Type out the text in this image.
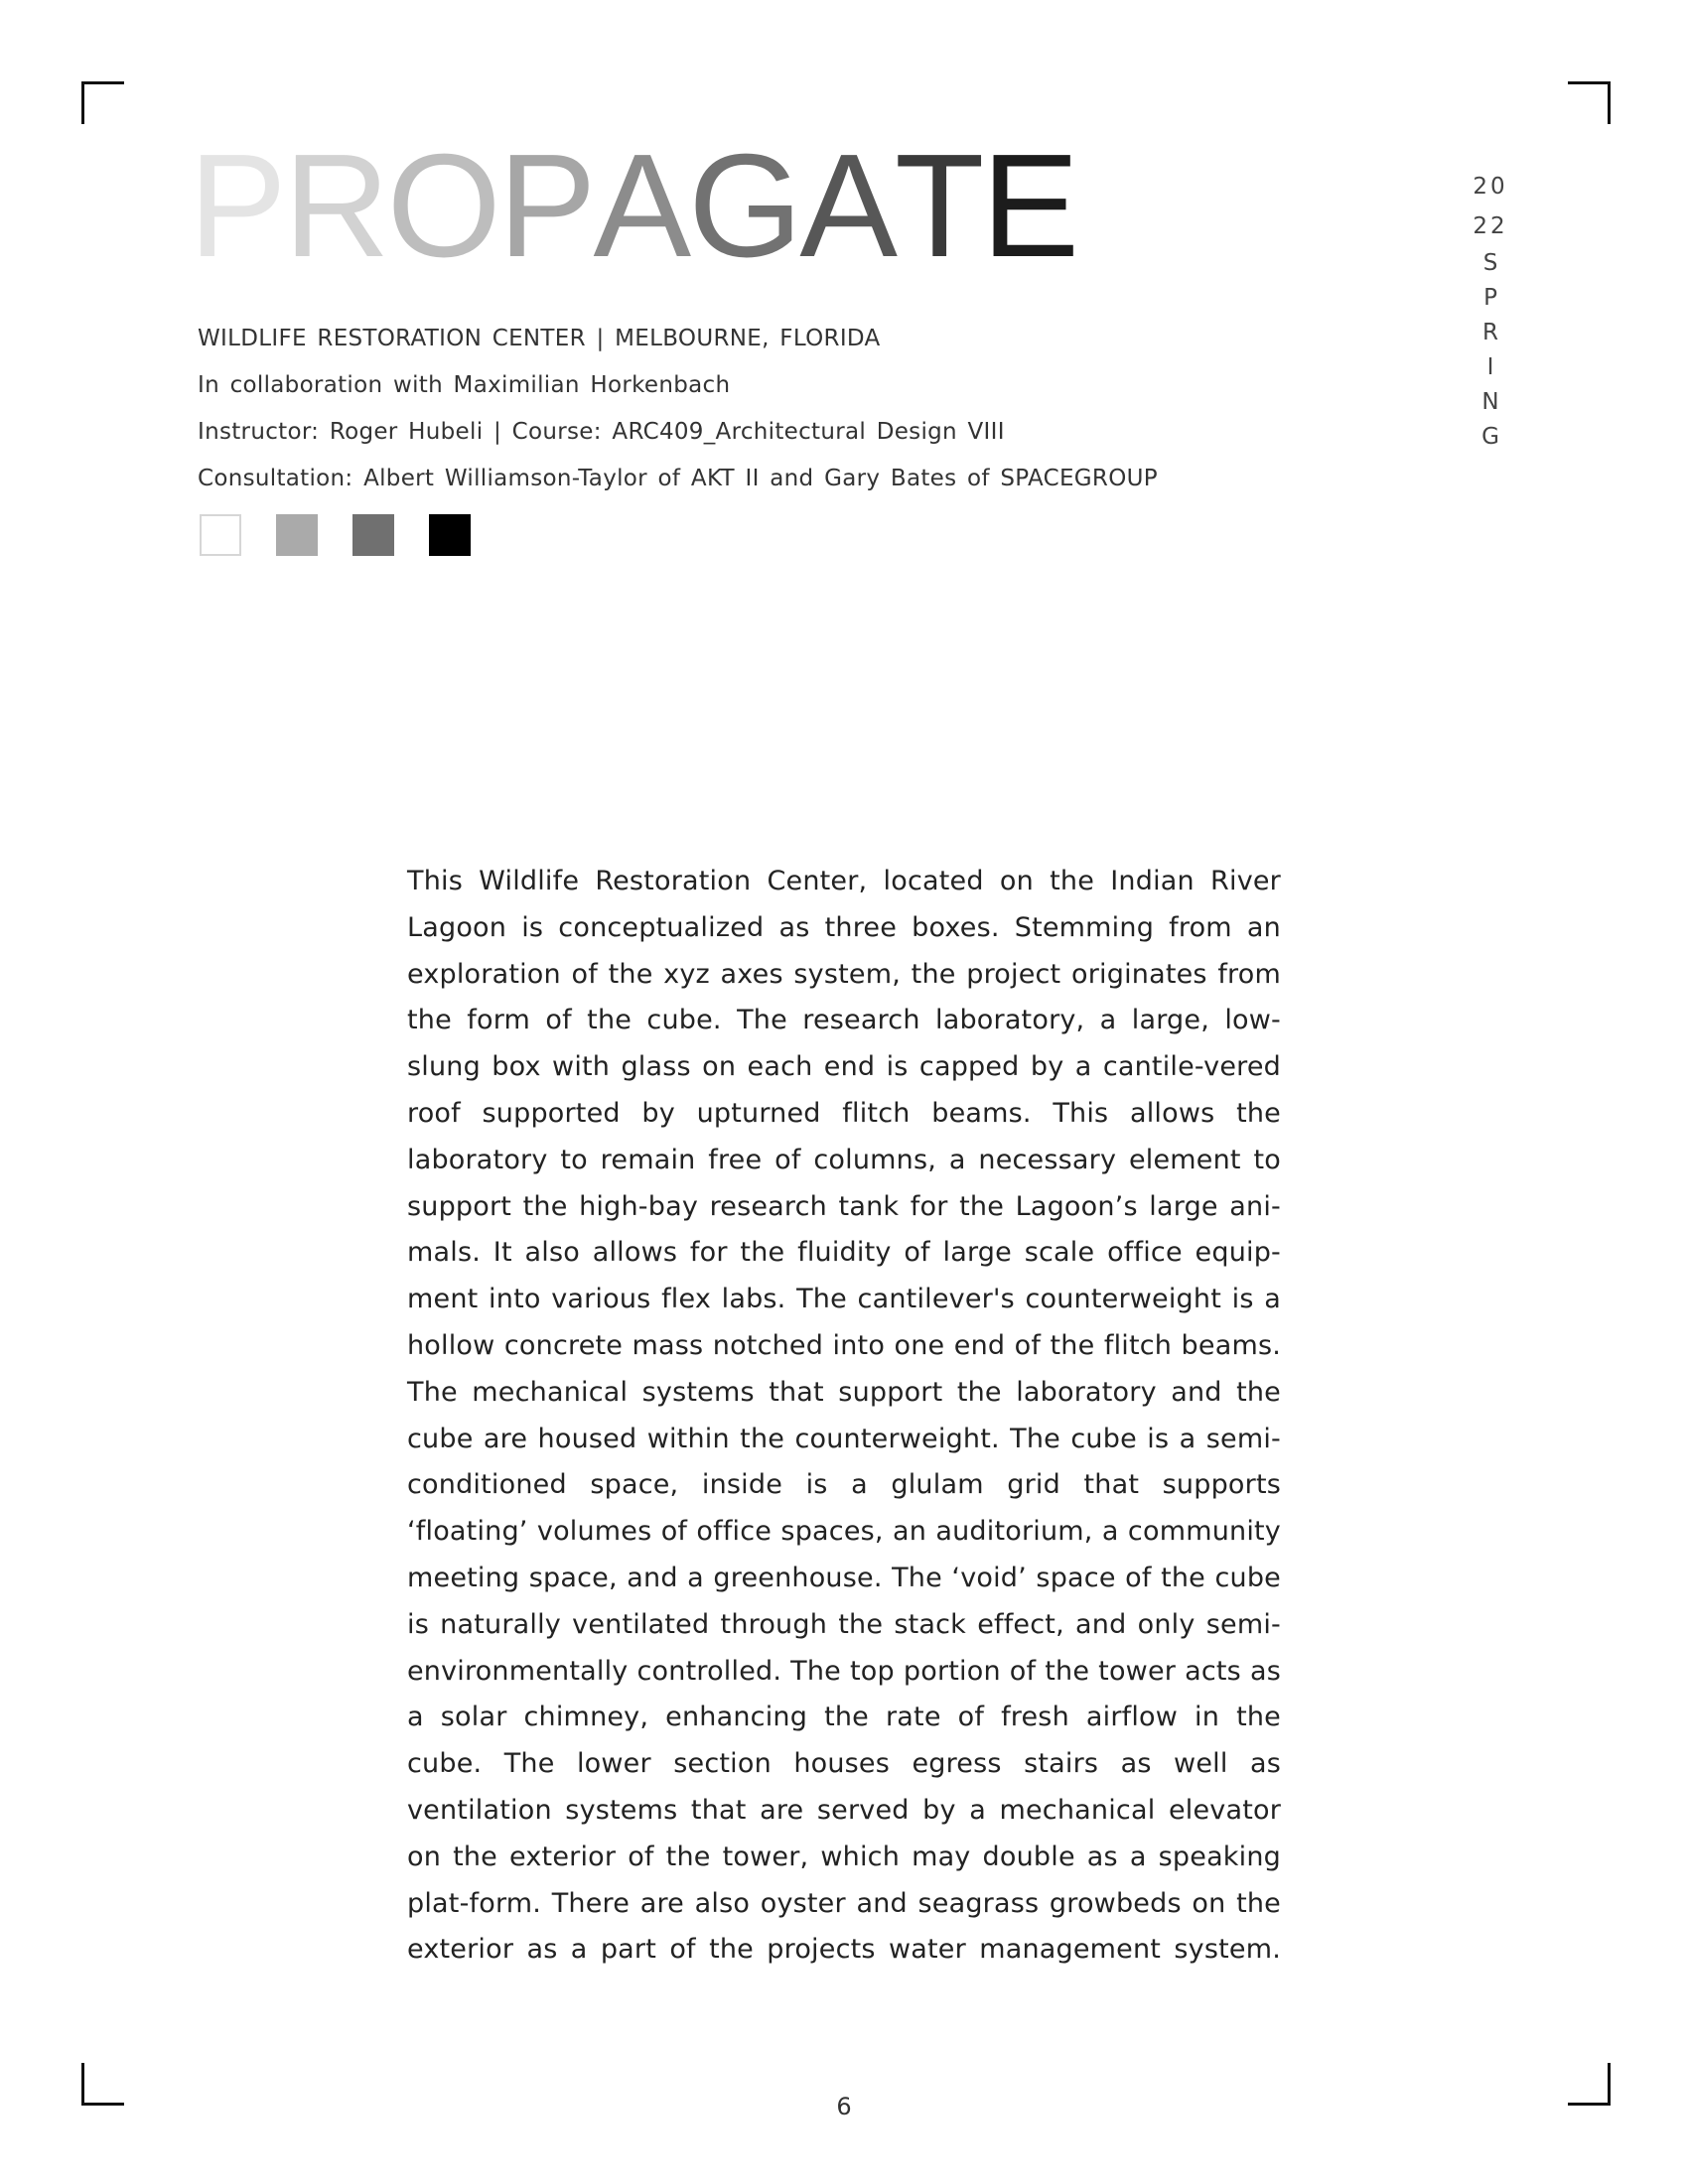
PROPAGATE
WILDLIFE RESTORATION CENTER | MELBOURNE, FLORIDA
In collaboration with Maximilian Horkenbach
Instructor: Roger Hubeli | Course: ARC409_Architectural Design VIII
Consultation: Albert Williamson-Taylor of AKT II and Gary Bates of SPACEGROUP
20
22
S
P
R
I
N
G

This Wildlife Restoration Center, located on the Indian River Lagoon is conceptualized as three boxes. Stemming from an exploration of the xyz axes system, the project originates from the form of the cube. The research laboratory, a large, low-slung box with glass on each end is capped by a cantile-vered roof supported by upturned flitch beams. This allows the laboratory to remain free of columns, a necessary element to support the high-bay research tank for the Lagoon’s large ani-mals. It also allows for the fluidity of large scale office equip-ment into various flex labs. The cantilever's counterweight is a hollow concrete mass notched into one end of the flitch beams. The mechanical systems that support the laboratory and the cube are housed within the counterweight. The cube is a semi-conditioned space, inside is a glulam grid that supports ‘floating’ volumes of office spaces, an auditorium, a community meeting space, and a greenhouse. The ‘void’ space of the cube is naturally ventilated through the stack effect, and only semi-environmentally controlled. The top portion of the tower acts as a solar chimney, enhancing the rate of fresh airflow in the cube. The lower section houses egress stairs as well as ventilation systems that are served by a mechanical elevator on the exterior of the tower, which may double as a speaking plat-form. There are also oyster and seagrass growbeds on the exterior as a part of the projects water management system.

6
